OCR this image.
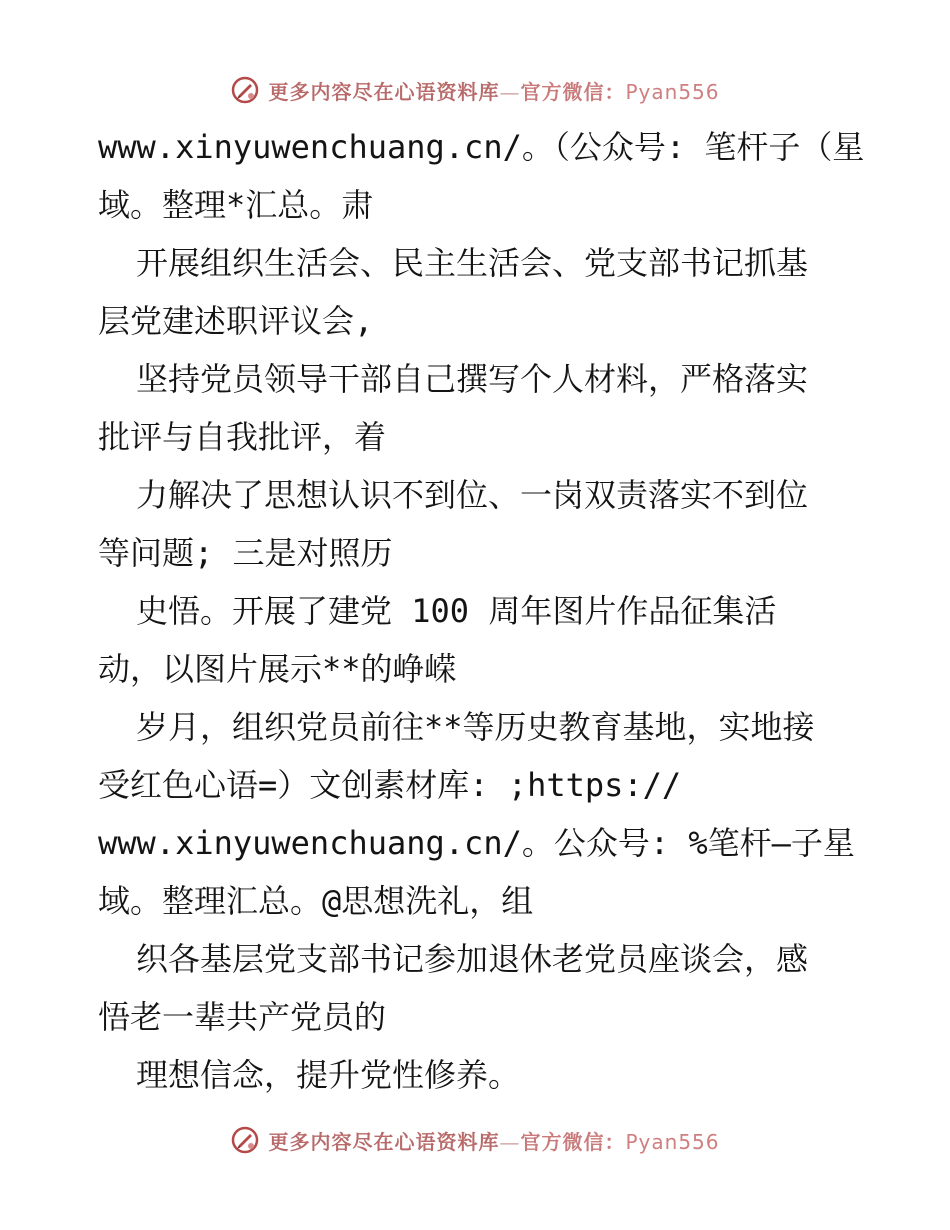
更多内容尽在心语资料库—官方微信：Pyan556
www.xinyuwenchuang.cn/。（公众号: 笔杆子（星
域。整理*汇总。肃
开展组织生活会、民主生活会、党支部书记抓基
层党建述职评议会,
坚持党员领导干部自己撰写个人材料，严格落实
批评与自我批评，着
力解决了思想认识不到位、一岗双责落实不到位
等问题; 三是对照历
史悟。开展了建党 100 周年图片作品征集活
动，以图片展示**的峥嵘
岁月，组织党员前往**等历史教育基地，实地接
受红色心语=）文创素材库: ;https://
www.xinyuwenchuang.cn/。公众号: %笔杆—子星
域。整理汇总。@思想洗礼，组
织各基层党支部书记参加退休老党员座谈会，感
悟老一辈共产党员的
理想信念，提升党性修养。
更多内容尽在心语资料库—官方微信：Pyan556
